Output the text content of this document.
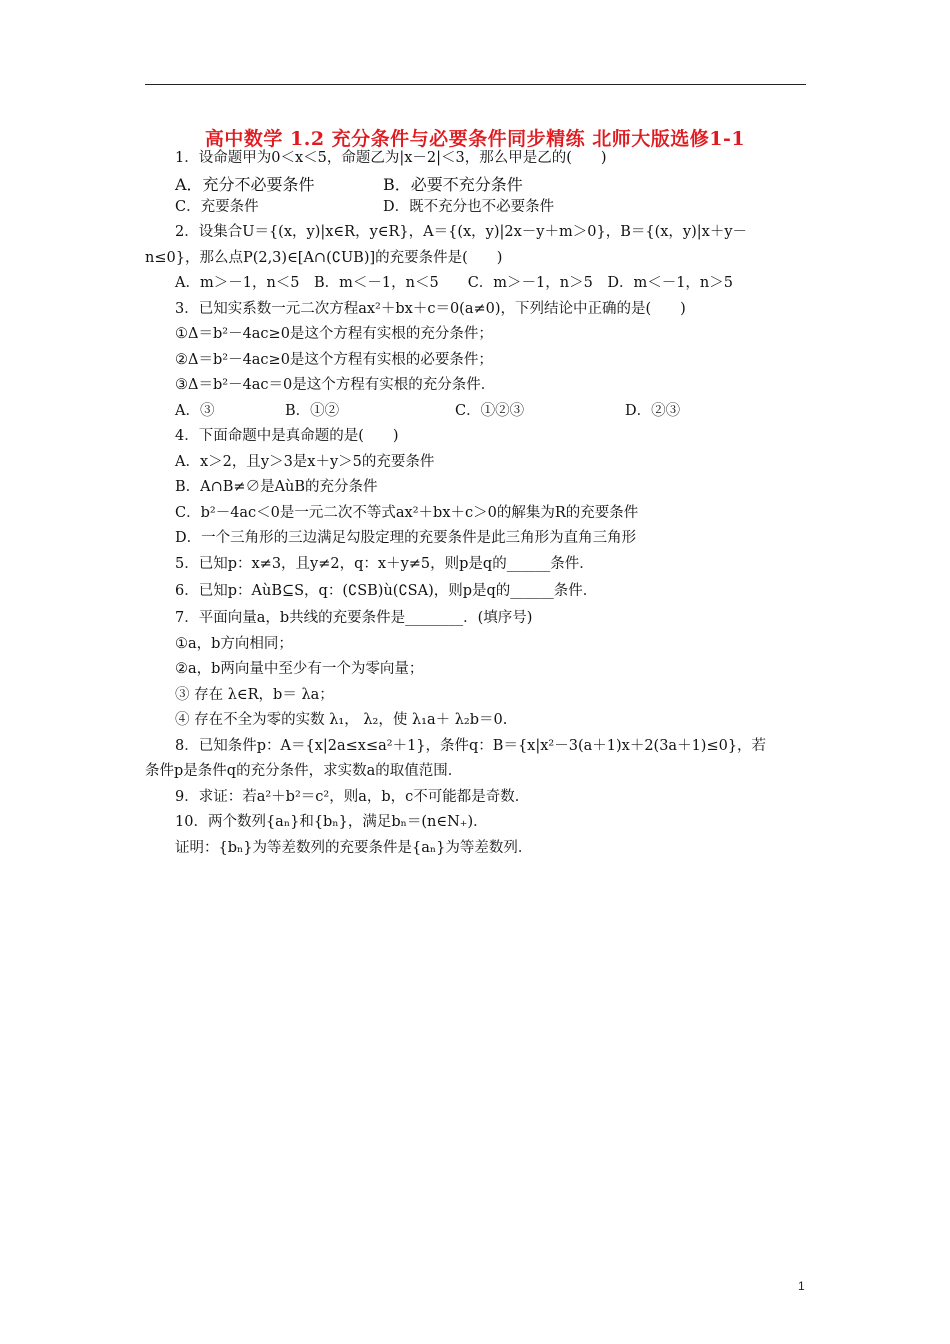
高中数学 1.2 充分条件与必要条件同步精练 北师大版选修1-1
1．设命题甲为0＜x＜5，命题乙为|x－2|＜3，那么甲是乙的(　　)
A．充分不必要条件	B．必要不充分条件
C．充要条件	D．既不充分也不必要条件
2．设集合U＝{(x，y)|x∈R，y∈R}，A＝{(x，y)|2x－y＋m＞0}，B＝{(x，y)|x＋y－
n≤0}，那么点P(2,3)∈[A∩(∁UB)]的充要条件是(　　)
A．m＞－1，n＜5　B．m＜－1，n＜5　　C．m＞－1，n＞5　D．m＜－1，n＞5
3．已知实系数一元二次方程ax²＋bx＋c＝0(a≠0)，下列结论中正确的是(　　)
①Δ＝b²－4ac≥0是这个方程有实根的充分条件；
②Δ＝b²－4ac≥0是这个方程有实根的必要条件；
③Δ＝b²－4ac＝0是这个方程有实根的充分条件．
A．③	B．①②	C．①②③	D．②③
4．下面命题中是真命题的是(　　)
A．x＞2，且y＞3是x＋y＞5的充要条件
B．A∩B≠∅是AùB的充分条件
C．b²－4ac＜0是一元二次不等式ax²＋bx＋c＞0的解集为R的充要条件
D．一个三角形的三边满足勾股定理的充要条件是此三角形为直角三角形
5．已知p：x≠3，且y≠2，q：x＋y≠5，则p是q的______条件．
6．已知p：AùB⊆S，q：(∁SB)ù(∁SA)，则p是q的______条件．
7．平面向量a，b共线的充要条件是________．(填序号)
①a，b方向相同；
②a，b两向量中至少有一个为零向量；
③ 存在 λ∈R，b＝ λa；
④ 存在不全为零的实数 λ₁， λ₂，使 λ₁a＋ λ₂b＝0.
8．已知条件p：A＝{x|2a≤x≤a²＋1}，条件q：B＝{x|x²－3(a＋1)x＋2(3a＋1)≤0}，若
条件p是条件q的充分条件，求实数a的取值范围．
9．求证：若a²＋b²＝c²，则a，b，c不可能都是奇数．
10．两个数列{aₙ}和{bₙ}，满足bₙ＝(n∈N₊)．
证明：{bₙ}为等差数列的充要条件是{aₙ}为等差数列．
1
